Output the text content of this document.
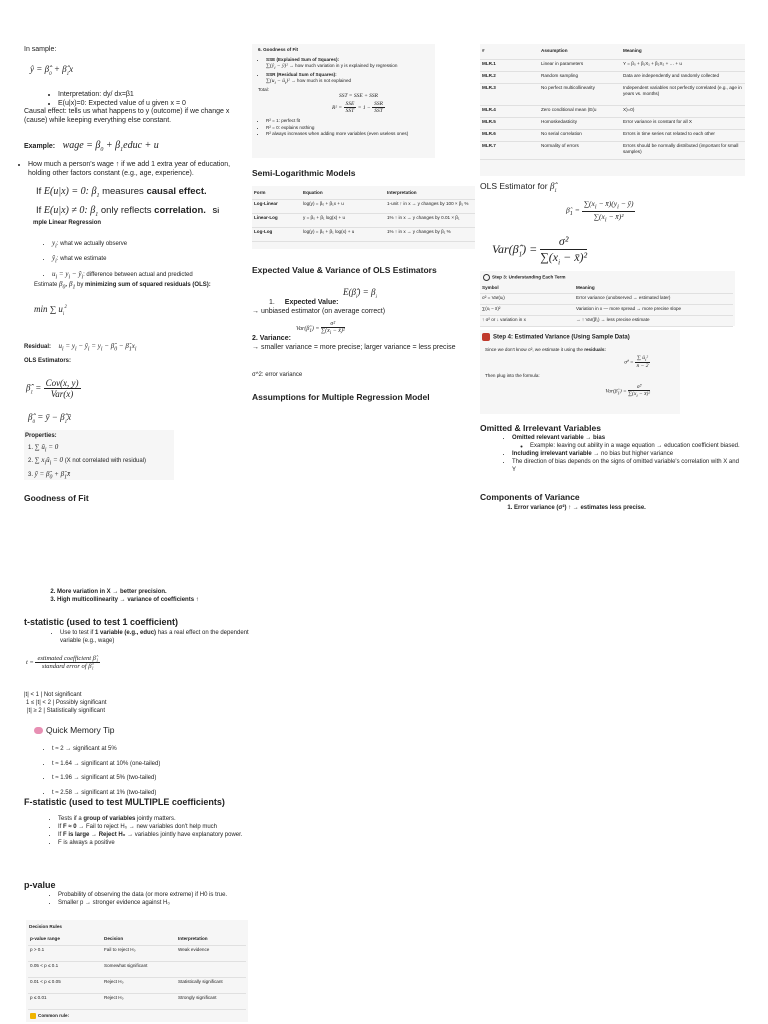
In sample:
ŷ = $\betâ_0$ + $\betâ_1x$
• Interpretation: dy/ dx=β1
• E(u|x)=0: Expected value of u given x = 0
Causal effect: tells us what happens to y (outcome) if we change x (cause) while keeping everything else constant.
Example: wage = $\beta_0$ + $\beta_1educ + u$
• How much a person's wage ↑ if we add 1 extra year of education, holding other factors constant (e.g., age, experience).
If E(u|x) = 0: $\beta_1$ measures causal effect.
If E(u|x) ≠ 0: $\beta_1$ only reflects correlation. Si
mple Linear Regression
• $y_i$: what we actually observe
• $ŷ_i$: what we estimate
• $u_i = y_i$ − $ŷ_i$: difference between actual and predicted
Estimate $\beta_0$, $\beta_1$ by minimizing sum of squared residuals (OLS):
min ∑ $u_i^2$
Residual: $u_i = y_i$ − $ŷ_i = y_i$ − $\betâ_0$ − $\betâ_1x_i$
OLS Estimators:
$\betâ_1 = \frac{\text{Cov(x, y)}}{\text{Var(x)}}$
$\betâ_0$ = ȳ − $\betâ_1x̄$
Properties:
1. ∑ $û_i = 0$
2. ∑ $x_iû_i = 0$ (X not correlated with residual)
3. ȳ = $\betâ_0$ + $\betâ_1x̄$
Goodness of Fit
2. More variation in X → better precision.
3. High multicollinearity → variance of coefficients ↑
t-statistic (used to test 1 coefficient)
• Use to test if 1 variable (e.g., educ) has a real effect on the dependent variable (e.g., wage)
$t = \frac{\text{estimated coefficient β̂₁}}{\text{standard error of β̂₁}}$
|t| < 1 | Not significant
1 ≤ |t| < 2 | Possibly significant
|t| ≥ 2 | Statistically significant
Quick Memory Tip
• t ≈ 2 → significant at 5%
• t ≈ 1.64 → significant at 10% (one-tailed)
• t ≈ 1.96 → significant at 5% (two-tailed)
• t ≈ 2.58 → significant at 1% (two-tailed)
F-statistic (used to test MULTIPLE coefficients)
• Tests if a group of variables jointly matters.
• If F ≈ 0 → Fail to reject H₀ → new variables don't help much
• If F is large → Reject H₀ → variables jointly have explanatory power.
• F is always a positive
p-value
• Probability of observing the data (or more extreme) if H0 is true.
• Smaller p → stronger evidence against H₀
Decision Rules
p-value range	Decision	Interpretation
p > 0.1	Fail to reject H₀	Weak evidence
0.05 < p ≤ 0.1	Somewhat significant	
0.01 < p ≤ 0.05	Reject H₀	Statistically significant
p ≤ 0.01	Reject H₀	Strongly significant
Common rule:
6. Goodness of Fit
• SSE (Explained Sum of Squares):
$\sum(ŷ_i$ − ȳ)² → how much variation in y is explained by regression
• SSR (Residual Sum of Squares):
$\sum(u_i$ − $û_i)^2$ → how much is not explained
Total:
SST = SSE + SSR
$R^2 = \frac{\text{SSE}}{\text{SST}} = 1 - \frac{\text{SSR}}{\text{SST}}$
• R² = 1: perfect fit
• R² = 0: explains nothing
• R² always increases when adding more variables (even useless ones)
Semi-Logarithmic Models
Form	Equation	Interpretation
Log-Linear	log(y) = β₀ + β₁x + u	1-unit ↑ in x → y changes by 100 × β₁ %
Linear-Log	y = β₀ + β₁ log(x) + u	1% ↑ in x → y changes by 0.01 × β₁
Log-Log	log(y) = β₀ + β₁ log(x) + u	1% ↑ in x → y changes by β₁ %
Expected Value & Variance of OLS Estimators
$E(\betâ_i) = \beta_i$
1. Expected Value:
→ unbiased estimator (on average correct)
$Var(\betâ_1) = \frac{\text{σ²}}{\sum(x_i - x̄)^2}$
2. Variance:
→ smaller variance = more precise; larger variance = less precise
σ^2: error variance
Assumptions for Multiple Regression Model
#	Assumption	Meaning
MLR.1	Linear in parameters	Y = β₀ + β₁X₁ + β₂X₂ + … + u
MLR.2	Random sampling	Data are independently and randomly collected
MLR.3	No perfect multicollinearity	Independent variables not perfectly correlated (e.g., age in years vs. months)
MLR.4	Zero conditional mean (E(u	X)=0)
MLR.5	Homoskedasticity	Error variance is constant for all X
MLR.6	No serial correlation	Errors in time series not related to each other
MLR.7	Normality of errors	Errors should be normally distributed (important for small samples)
OLS Estimator for $\betâ_1$
$\betâ_1 = \frac{\sum(x_i - x̄)(y_i - ȳ)}{\sum(x_i - x̄)^2}$
$Var(\betâ_1) = \frac{\text{σ²}}{\sum(x_i - x̄)^2}$
Step 3: Understanding Each Term
Symbol	Meaning
σ² = Var(uᵢ)	Error variance (unobserved → estimated later)
∑(xᵢ − x̄)²	Variation in x — more spread → more precise slope
↑ σ² or ↓ variation in x	→ ↑ Var(β̂₁) → less precise estimate
Step 4: Estimated Variance (Using Sample Data)
Since we don't know σ², we estimate it using the residuals:
σ̂² = $\frac{\sum û_i^2}{n - 2}$
Then plug into the formula:
$Var(\betâ_1) = \frac{\text{σ̂²}}{\sum(x_i - x̄)^2}$
Omitted & Irrelevant Variables
• Omitted relevant variable → bias
◦ Example: leaving out ability in a wage equation → education coefficient biased.
• Including irrelevant variable → no bias but higher variance
• The direction of bias depends on the signs of omitted variable's correlation with X and Y
Components of Variance
1. Error variance (σ²) ↑ → estimates less precise.
